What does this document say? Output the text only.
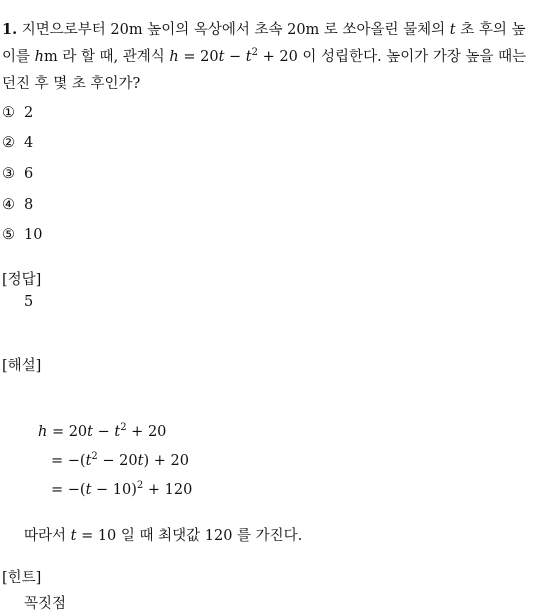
1. 지면으로부터 20m 높이의 옥상에서 초속 20m 로 쏘아올린 물체의 t 초 후의 높이를 hm 라 할 때, 관계식 $h = 20t - t^2 + 20$ 이 성립한다. 높이가 가장 높을 때는 던진 후 몇 초 후인가?
① 2
② 4
③ 6
④ 8
⑤ 10
[정답]
5
[해설]
$h = 20t - t^2 + 20$
= $-(t^2 - 20t) + 20$
= $-(t - 10)^2 + 120$
따라서 t = 10 일 때 최댓값 120 를 가진다.
[힌트]
꼭짓점
